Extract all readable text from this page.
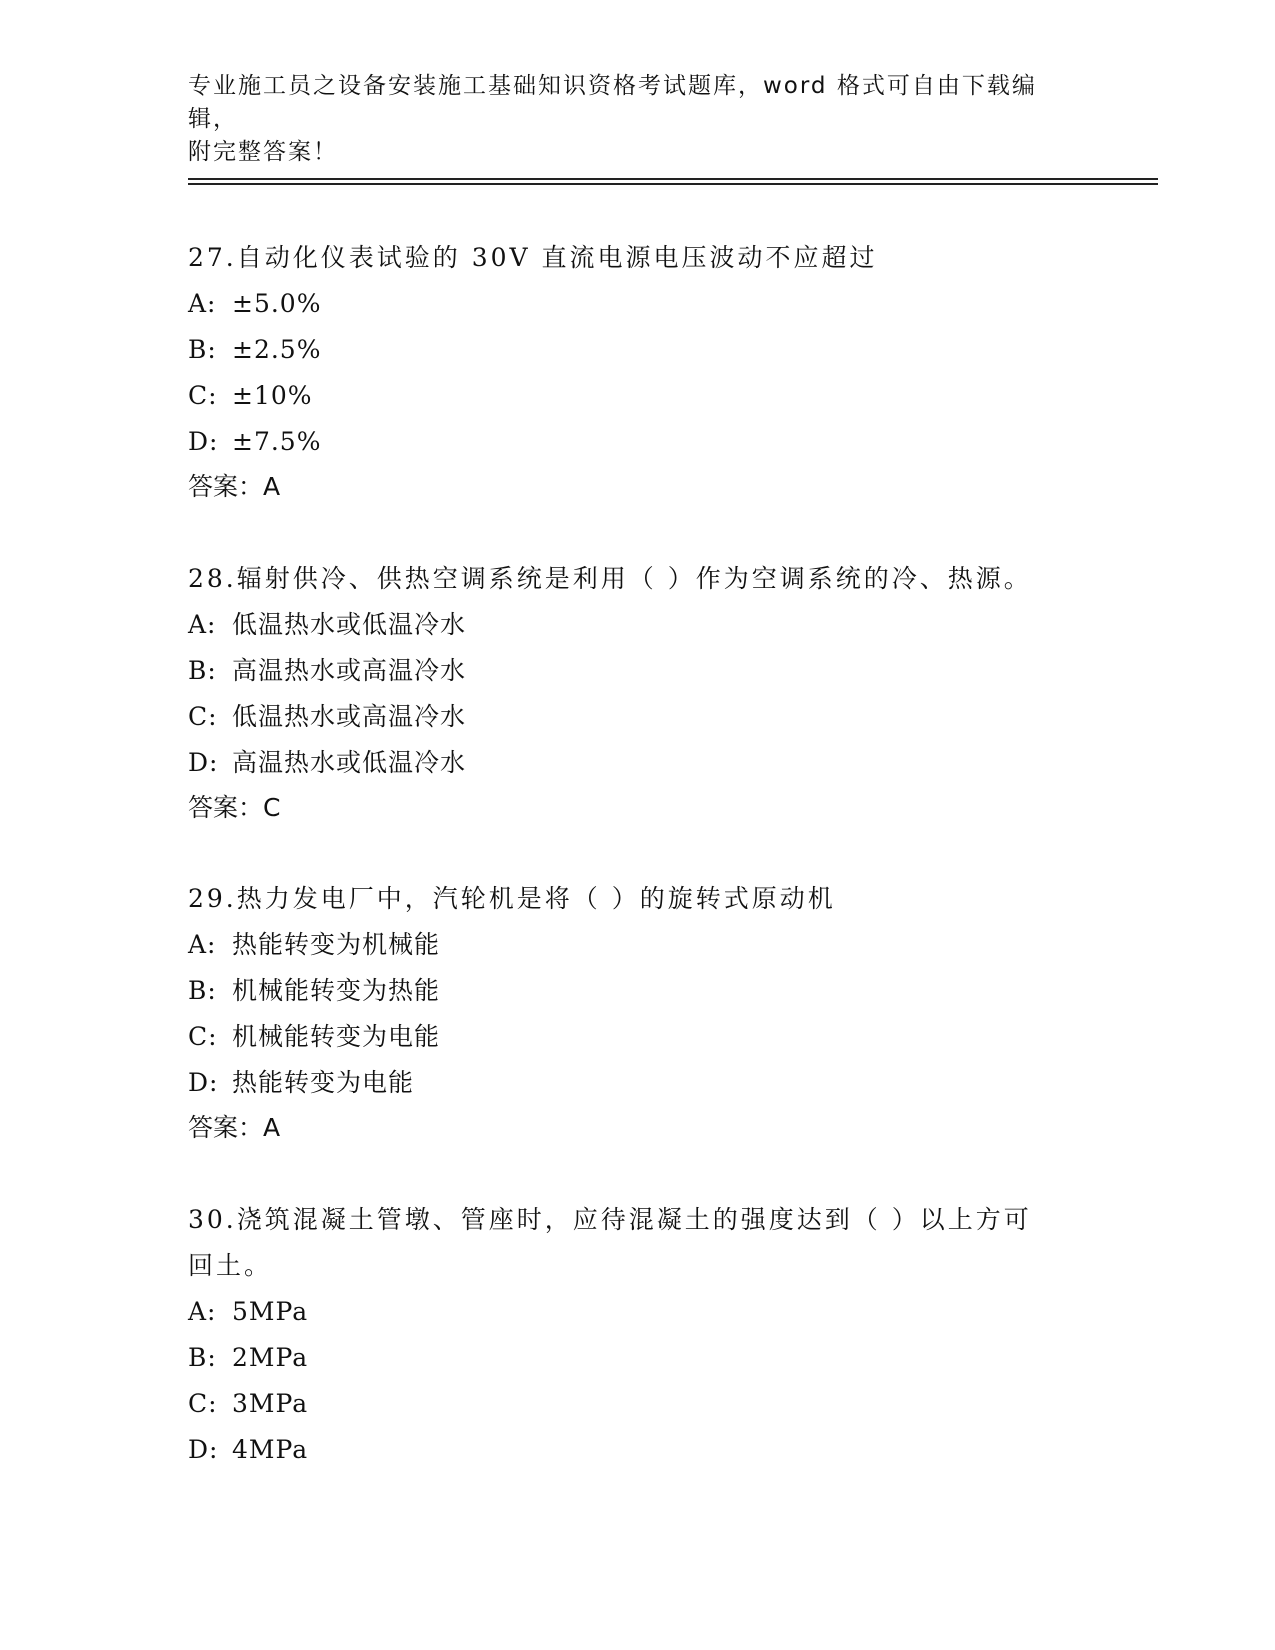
专业施工员之设备安装施工基础知识资格考试题库，word 格式可自由下载编辑，
附完整答案！

27.自动化仪表试验的 30V 直流电源电压波动不应超过

A: ±5.0%

B: ±2.5%

C: ±10%

D: ±7.5%

答案：A

28.辐射供冷、供热空调系统是利用（ ）作为空调系统的冷、热源。

A: 低温热水或低温冷水

B: 高温热水或高温冷水

C: 低温热水或高温冷水

D: 高温热水或低温冷水

答案：C

29.热力发电厂中，汽轮机是将（ ）的旋转式原动机

A: 热能转变为机械能

B: 机械能转变为热能

C: 机械能转变为电能

D: 热能转变为电能

答案：A

30.浇筑混凝土管墩、管座时，应待混凝土的强度达到（ ）以上方可

回土。

A: 5MPa

B: 2MPa

C: 3MPa

D: 4MPa
